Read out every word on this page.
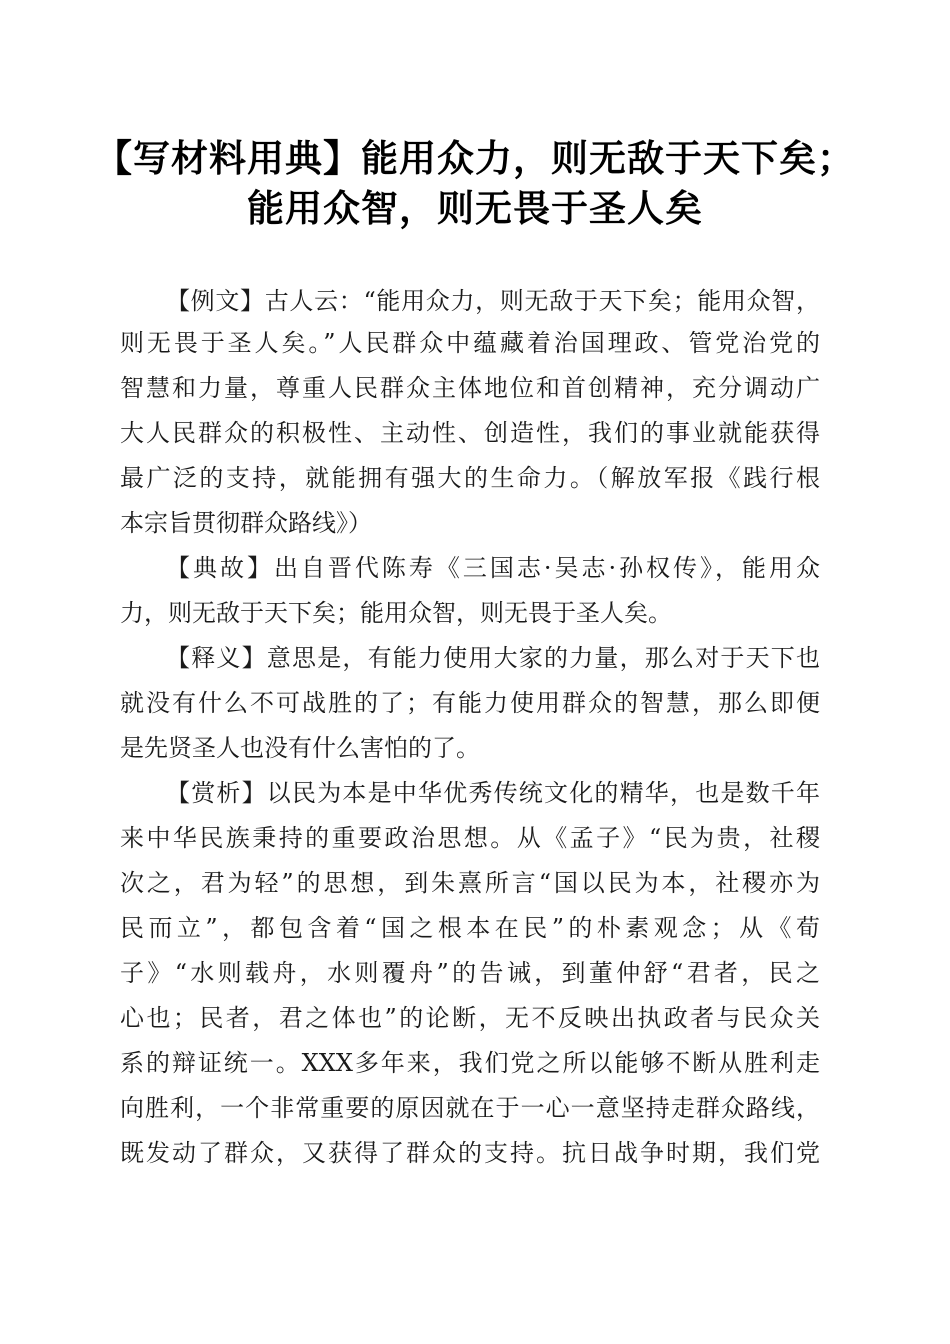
【写材料用典】能用众力，则无敌于天下矣；
能用众智，则无畏于圣人矣
【例文】古人云：“能用众力，则无敌于天下矣；能用众智，
则无畏于圣人矣。”人民群众中蕴藏着治国理政、管党治党的
智慧和力量，尊重人民群众主体地位和首创精神，充分调动广
大人民群众的积极性、主动性、创造性，我们的事业就能获得
最广泛的支持，就能拥有强大的生命力。（解放军报《践行根
本宗旨贯彻群众路线》）
【典故】出自晋代陈寿《三国志·吴志·孙权传》，能用众
力，则无敌于天下矣；能用众智，则无畏于圣人矣。
【释义】意思是，有能力使用大家的力量，那么对于天下也
就没有什么不可战胜的了；有能力使用群众的智慧，那么即便
是先贤圣人也没有什么害怕的了。
【赏析】以民为本是中华优秀传统文化的精华，也是数千年
来中华民族秉持的重要政治思想。从《孟子》“民为贵，社稷
次之，君为轻”的思想，到朱熹所言“国以民为本，社稷亦为
民而立”，都包含着“国之根本在民”的朴素观念；从《荀
子》“水则载舟，水则覆舟”的告诫，到董仲舒“君者，民之
心也；民者，君之体也”的论断，无不反映出执政者与民众关
系的辩证统一。XXX多年来，我们党之所以能够不断从胜利走
向胜利，一个非常重要的原因就在于一心一意坚持走群众路线，
既发动了群众，又获得了群众的支持。抗日战争时期，我们党
